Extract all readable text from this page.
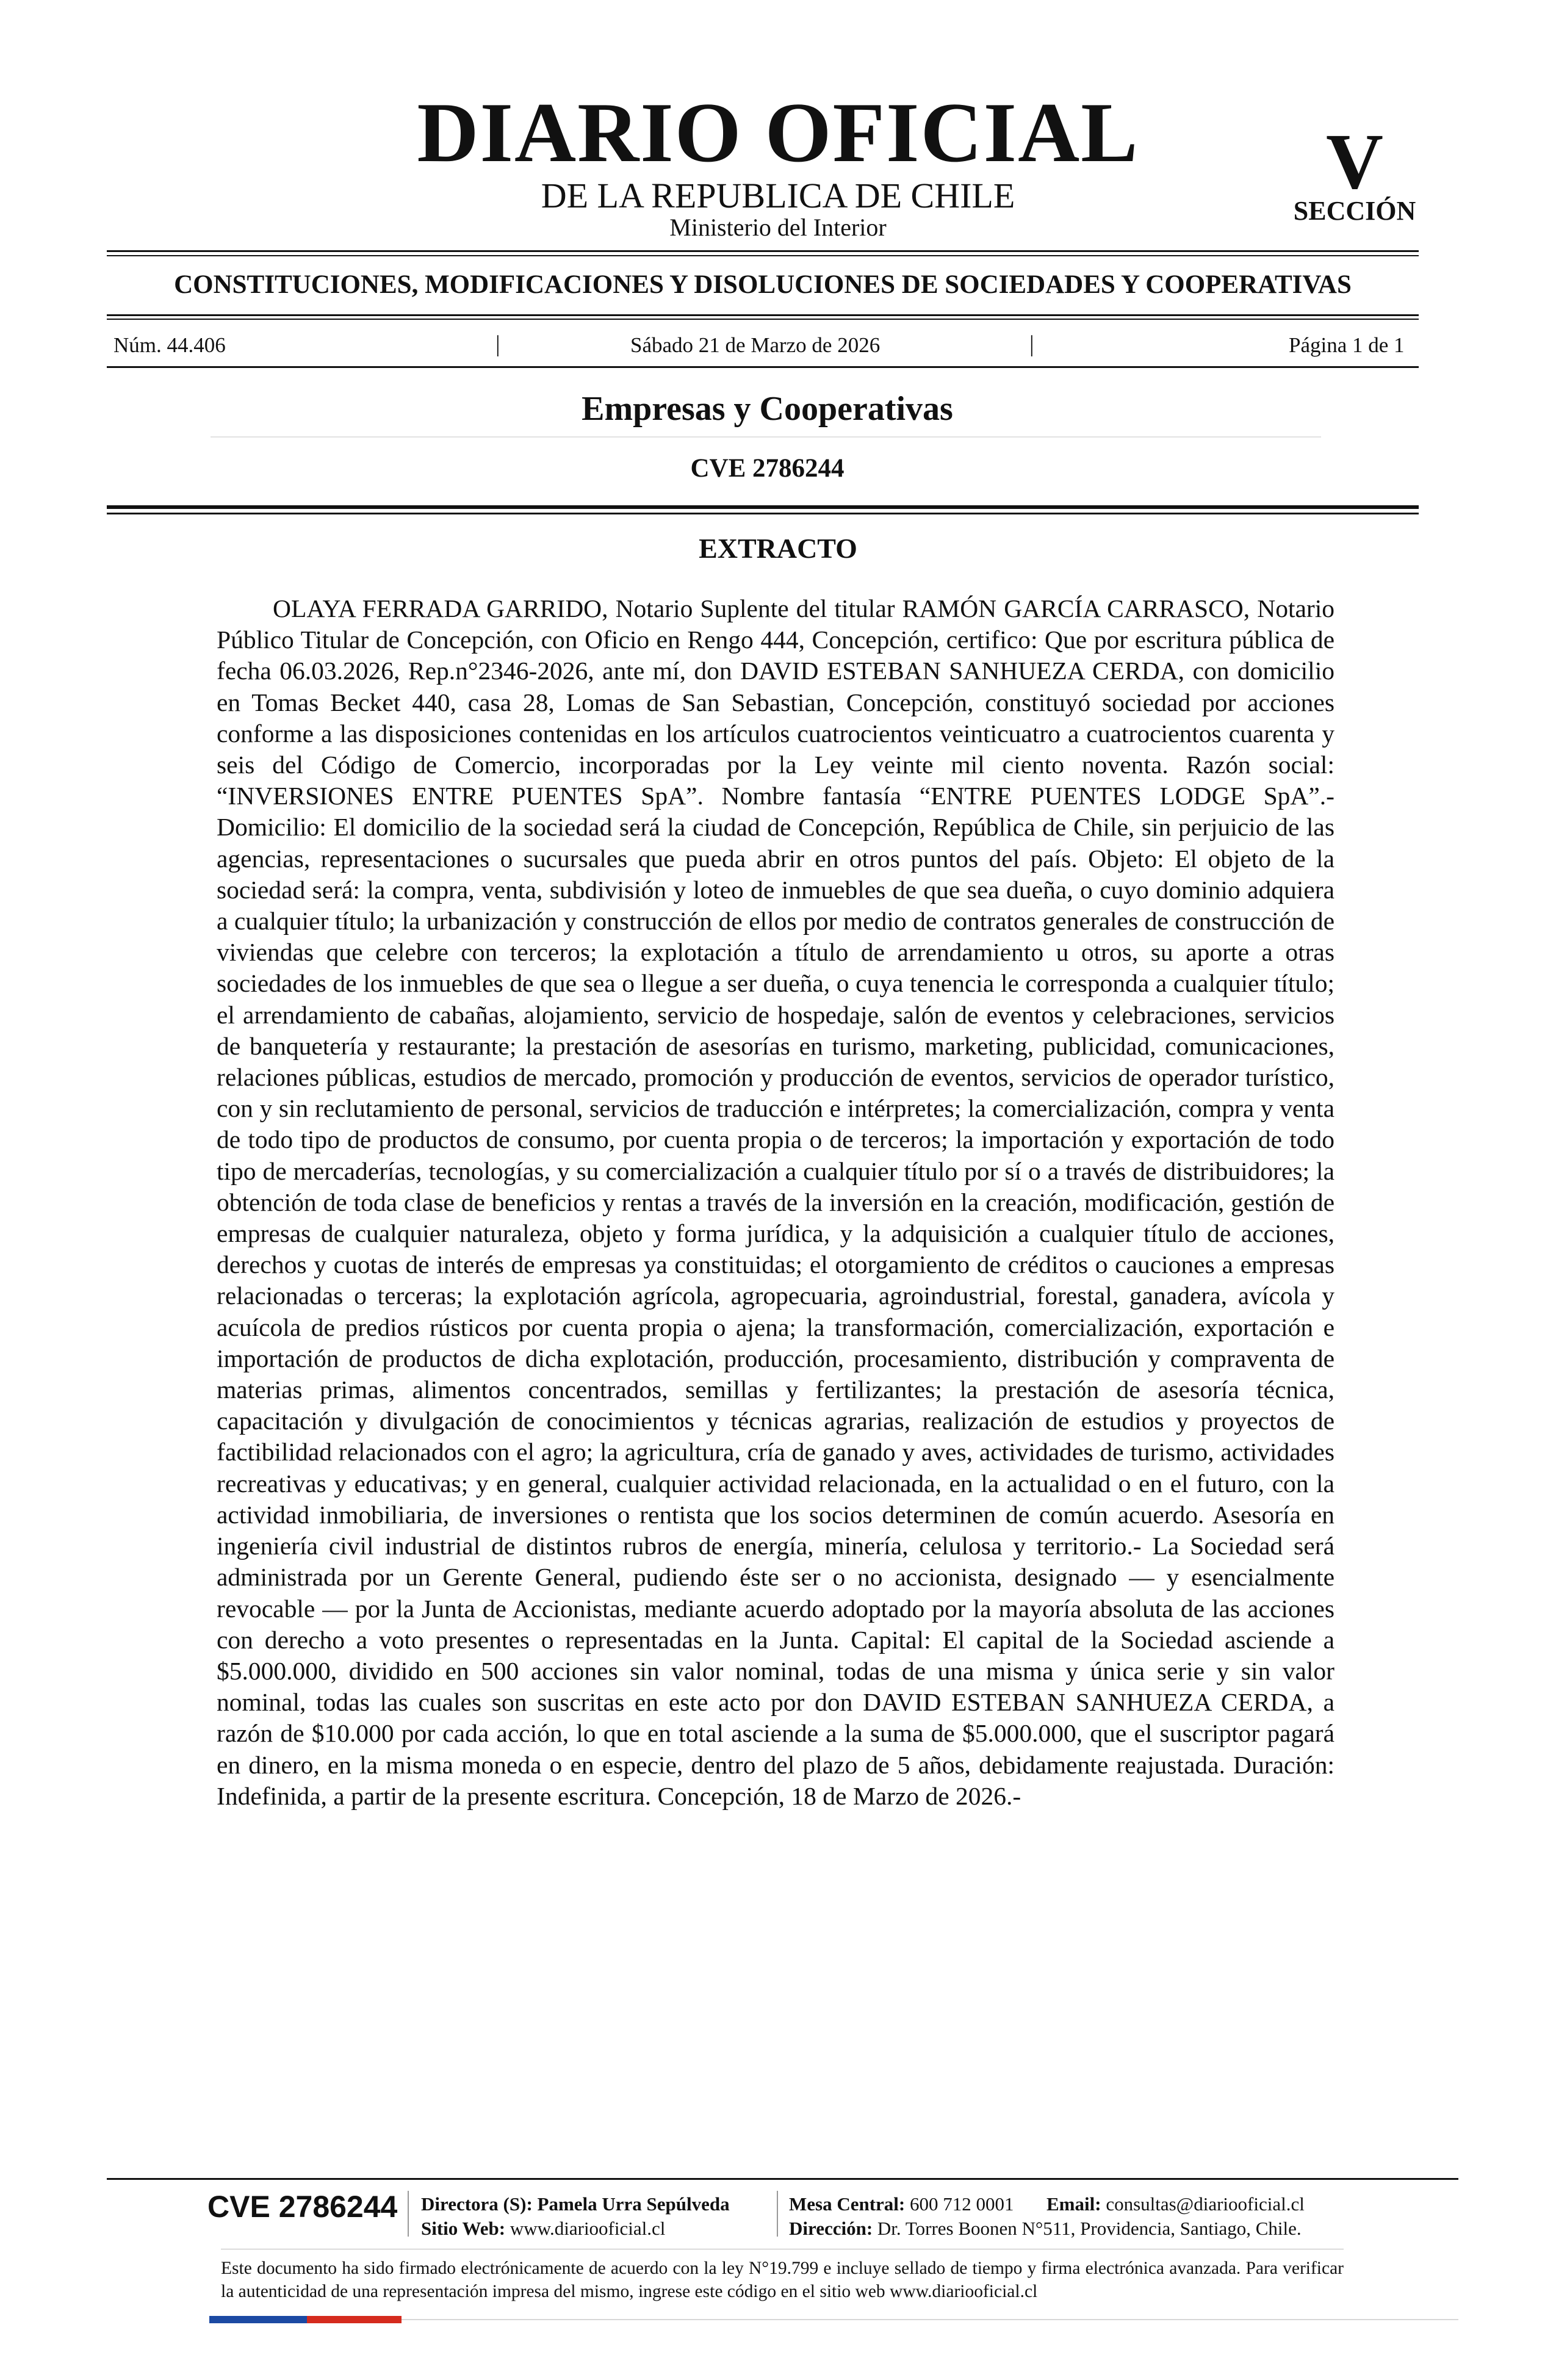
DIARIO OFICIAL
DE LA REPUBLICA DE CHILE
Ministerio del Interior
V
SECCIÓN
CONSTITUCIONES, MODIFICACIONES Y DISOLUCIONES DE SOCIEDADES Y COOPERATIVAS
Núm. 44.406	|	Sábado 21 de Marzo de 2026	|	Página 1 de 1
Empresas y Cooperativas
CVE 2786244
EXTRACTO

OLAYA FERRADA GARRIDO, Notario Suplente del titular RAMÓN GARCÍA CARRASCO, Notario Público Titular de Concepción, con Oficio en Rengo 444, Concepción, certifico: Que por escritura pública de fecha 06.03.2026, Rep.n°2346-2026, ante mí, don DAVID ESTEBAN SANHUEZA CERDA, con domicilio en Tomas Becket 440, casa 28, Lomas de San Sebastian, Concepción, constituyó sociedad por acciones conforme a las disposiciones contenidas en los artículos cuatrocientos veinticuatro a cuatrocientos cuarenta y seis del Código de Comercio, incorporadas por la Ley veinte mil ciento noventa. Razón social: “INVERSIONES ENTRE PUENTES SpA”. Nombre fantasía “ENTRE PUENTES LODGE SpA”.- Domicilio: El domicilio de la sociedad será la ciudad de Concepción, República de Chile, sin perjuicio de las agencias, representaciones o sucursales que pueda abrir en otros puntos del país. Objeto: El objeto de la sociedad será: la compra, venta, subdivisión y loteo de inmuebles de que sea dueña, o cuyo dominio adquiera a cualquier título; la urbanización y construcción de ellos por medio de contratos generales de construcción de viviendas que celebre con terceros; la explotación a título de arrendamiento u otros, su aporte a otras sociedades de los inmuebles de que sea o llegue a ser dueña, o cuya tenencia le corresponda a cualquier título; el arrendamiento de cabañas, alojamiento, servicio de hospedaje, salón de eventos y celebraciones, servicios de banquetería y restaurante; la prestación de asesorías en turismo, marketing, publicidad, comunicaciones, relaciones públicas, estudios de mercado, promoción y producción de eventos, servicios de operador turístico, con y sin reclutamiento de personal, servicios de traducción e intérpretes; la comercialización, compra y venta de todo tipo de productos de consumo, por cuenta propia o de terceros; la importación y exportación de todo tipo de mercaderías, tecnologías, y su comercialización a cualquier título por sí o a través de distribuidores; la obtención de toda clase de beneficios y rentas a través de la inversión en la creación, modificación, gestión de empresas de cualquier naturaleza, objeto y forma jurídica, y la adquisición a cualquier título de acciones, derechos y cuotas de interés de empresas ya constituidas; el otorgamiento de créditos o cauciones a empresas relacionadas o terceras; la explotación agrícola, agropecuaria, agroindustrial, forestal, ganadera, avícola y acuícola de predios rústicos por cuenta propia o ajena; la transformación, comercialización, exportación e importación de productos de dicha explotación, producción, procesamiento, distribución y compraventa de materias primas, alimentos concentrados, semillas y fertilizantes; la prestación de asesoría técnica, capacitación y divulgación de conocimientos y técnicas agrarias, realización de estudios y proyectos de factibilidad relacionados con el agro; la agricultura, cría de ganado y aves, actividades de turismo, actividades recreativas y educativas; y en general, cualquier actividad relacionada, en la actualidad o en el futuro, con la actividad inmobiliaria, de inversiones o rentista que los socios determinen de común acuerdo. Asesoría en ingeniería civil industrial de distintos rubros de energía, minería, celulosa y territorio.- La Sociedad será administrada por un Gerente General, pudiendo éste ser o no accionista, designado — y esencialmente revocable — por la Junta de Accionistas, mediante acuerdo adoptado por la mayoría absoluta de las acciones con derecho a voto presentes o representadas en la Junta. Capital: El capital de la Sociedad asciende a $5.000.000, dividido en 500 acciones sin valor nominal, todas de una misma y única serie y sin valor nominal, todas las cuales son suscritas en este acto por don DAVID ESTEBAN SANHUEZA CERDA, a razón de $10.000 por cada acción, lo que en total asciende a la suma de $5.000.000, que el suscriptor pagará en dinero, en la misma moneda o en especie, dentro del plazo de 5 años, debidamente reajustada. Duración: Indefinida, a partir de la presente escritura. Concepción, 18 de Marzo de 2026.-

CVE 2786244 Directora (S): Pamela Urra Sepúlveda
Sitio Web: www.diariooficial.cl
Mesa Central: 600 712 0001 Email: consultas@diariooficial.cl
Dirección: Dr. Torres Boonen N°511, Providencia, Santiago, Chile.

Este documento ha sido firmado electrónicamente de acuerdo con la ley N°19.799 e incluye sellado de tiempo y firma electrónica avanzada. Para verificar la autenticidad de una representación impresa del mismo, ingrese este código en el sitio web www.diariooficial.cl
